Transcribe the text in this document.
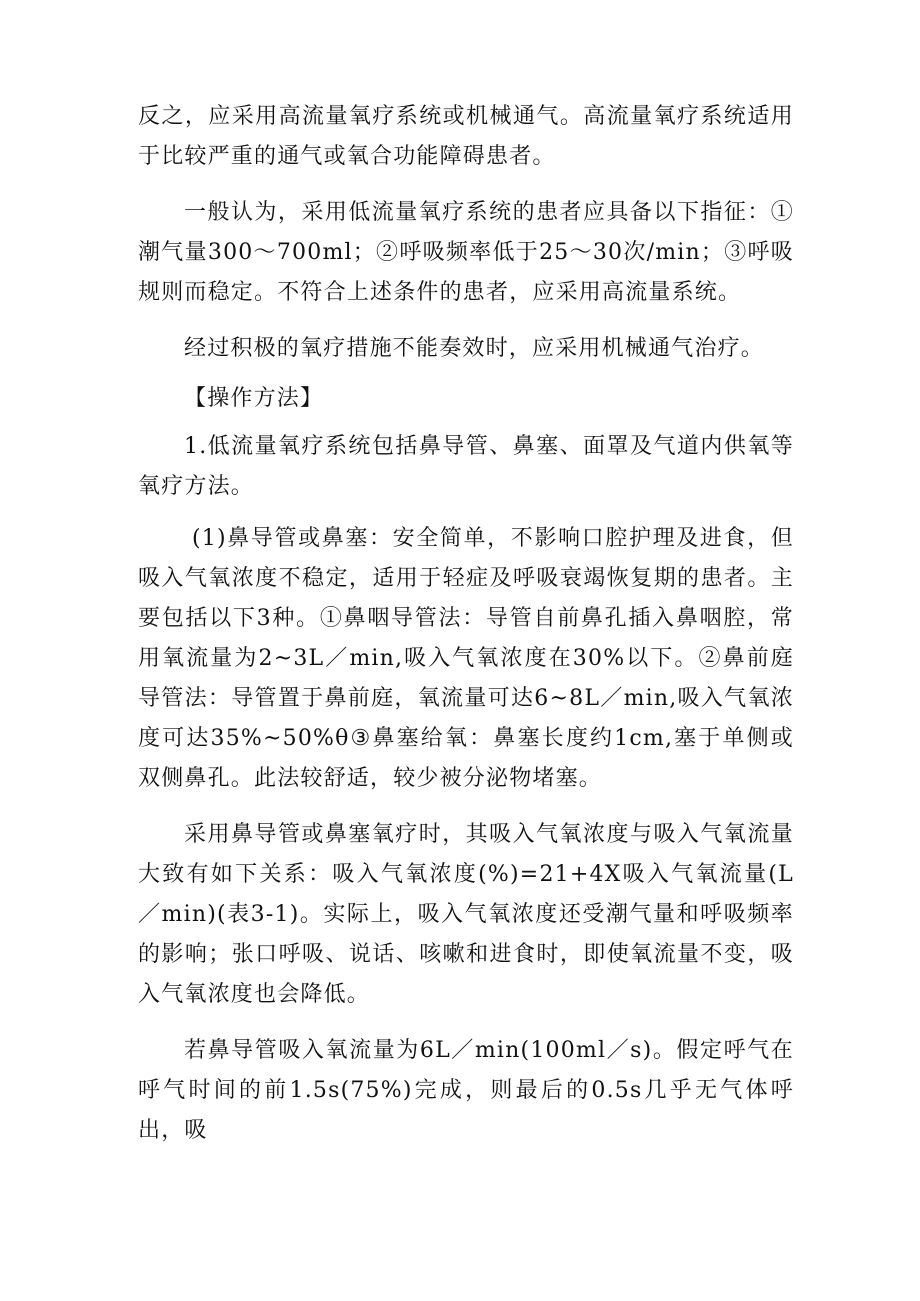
反之，应采用高流量氧疗系统或机械通气。高流量氧疗系统适用于比较严重的通气或氧合功能障碍患者。

一般认为，采用低流量氧疗系统的患者应具备以下指征：①潮气量300～700ml；②呼吸频率低于25～30次/min；③呼吸规则而稳定。不符合上述条件的患者，应采用高流量系统。

经过积极的氧疗措施不能奏效时，应采用机械通气治疗。

【操作方法】

1.低流量氧疗系统包括鼻导管、鼻塞、面罩及气道内供氧等氧疗方法。

(1)鼻导管或鼻塞：安全简单，不影响口腔护理及进食，但吸入气氧浓度不稳定，适用于轻症及呼吸衰竭恢复期的患者。主要包括以下3种。①鼻咽导管法：导管自前鼻孔插入鼻咽腔，常用氧流量为2~3L／min,吸入气氧浓度在30%以下。②鼻前庭导管法：导管置于鼻前庭，氧流量可达6~8L／min,吸入气氧浓度可达35%~50%θ③鼻塞给氧：鼻塞长度约1cm,塞于单侧或双侧鼻孔。此法较舒适，较少被分泌物堵塞。

采用鼻导管或鼻塞氧疗时，其吸入气氧浓度与吸入气氧流量大致有如下关系：吸入气氧浓度(%)=21+4X吸入气氧流量(L／min)(表3-1)。实际上，吸入气氧浓度还受潮气量和呼吸频率的影响；张口呼吸、说话、咳嗽和进食时，即使氧流量不变，吸入气氧浓度也会降低。

若鼻导管吸入氧流量为6L／min(100ml／s)。假定呼气在呼气时间的前1.5s(75%)完成，则最后的0.5s几乎无气体呼出，吸
